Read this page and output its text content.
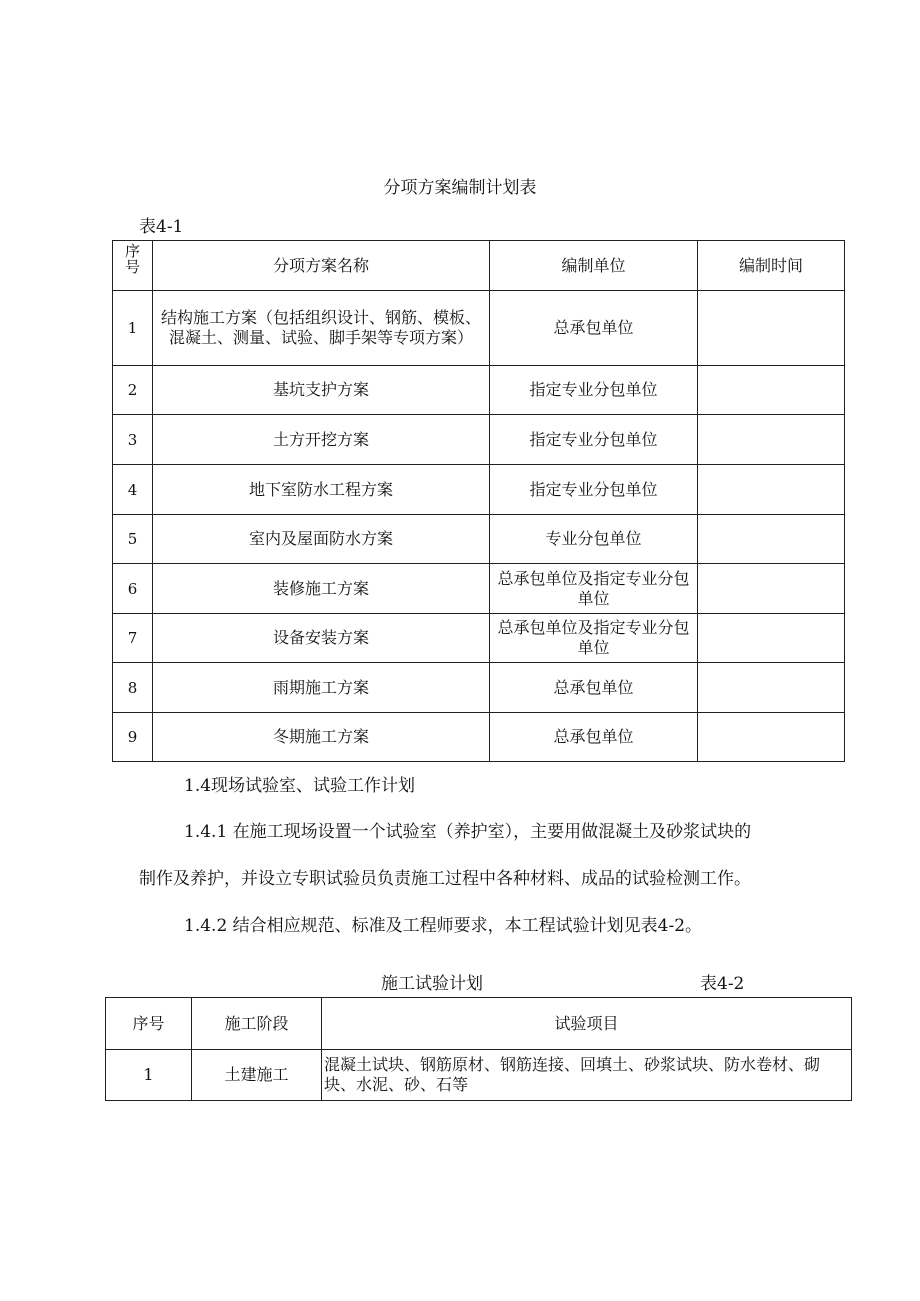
分项方案编制计划表
表4-1
序号	分项方案名称	编制单位	编制时间
1	结构施工方案（包括组织设计、钢筋、模板、混凝土、测量、试验、脚手架等专项方案）	总承包单位	
2	基坑支护方案	指定专业分包单位	
3	土方开挖方案	指定专业分包单位	
4	地下室防水工程方案	指定专业分包单位	
5	室内及屋面防水方案	专业分包单位	
6	装修施工方案	总承包单位及指定专业分包单位	
7	设备安装方案	总承包单位及指定专业分包单位	
8	雨期施工方案	总承包单位	
9	冬期施工方案	总承包单位	
1.4现场试验室、试验工作计划
1.4.1 在施工现场设置一个试验室（养护室），主要用做混凝土及砂浆试块的
制作及养护，并设立专职试验员负责施工过程中各种材料、成品的试验检测工作。
1.4.2 结合相应规范、标准及工程师要求，本工程试验计划见表4-2。
施工试验计划	表4-2
序号	施工阶段	试验项目
1	土建施工	混凝土试块、钢筋原材、钢筋连接、回填土、砂浆试块、防水卷材、砌块、水泥、砂、石等
